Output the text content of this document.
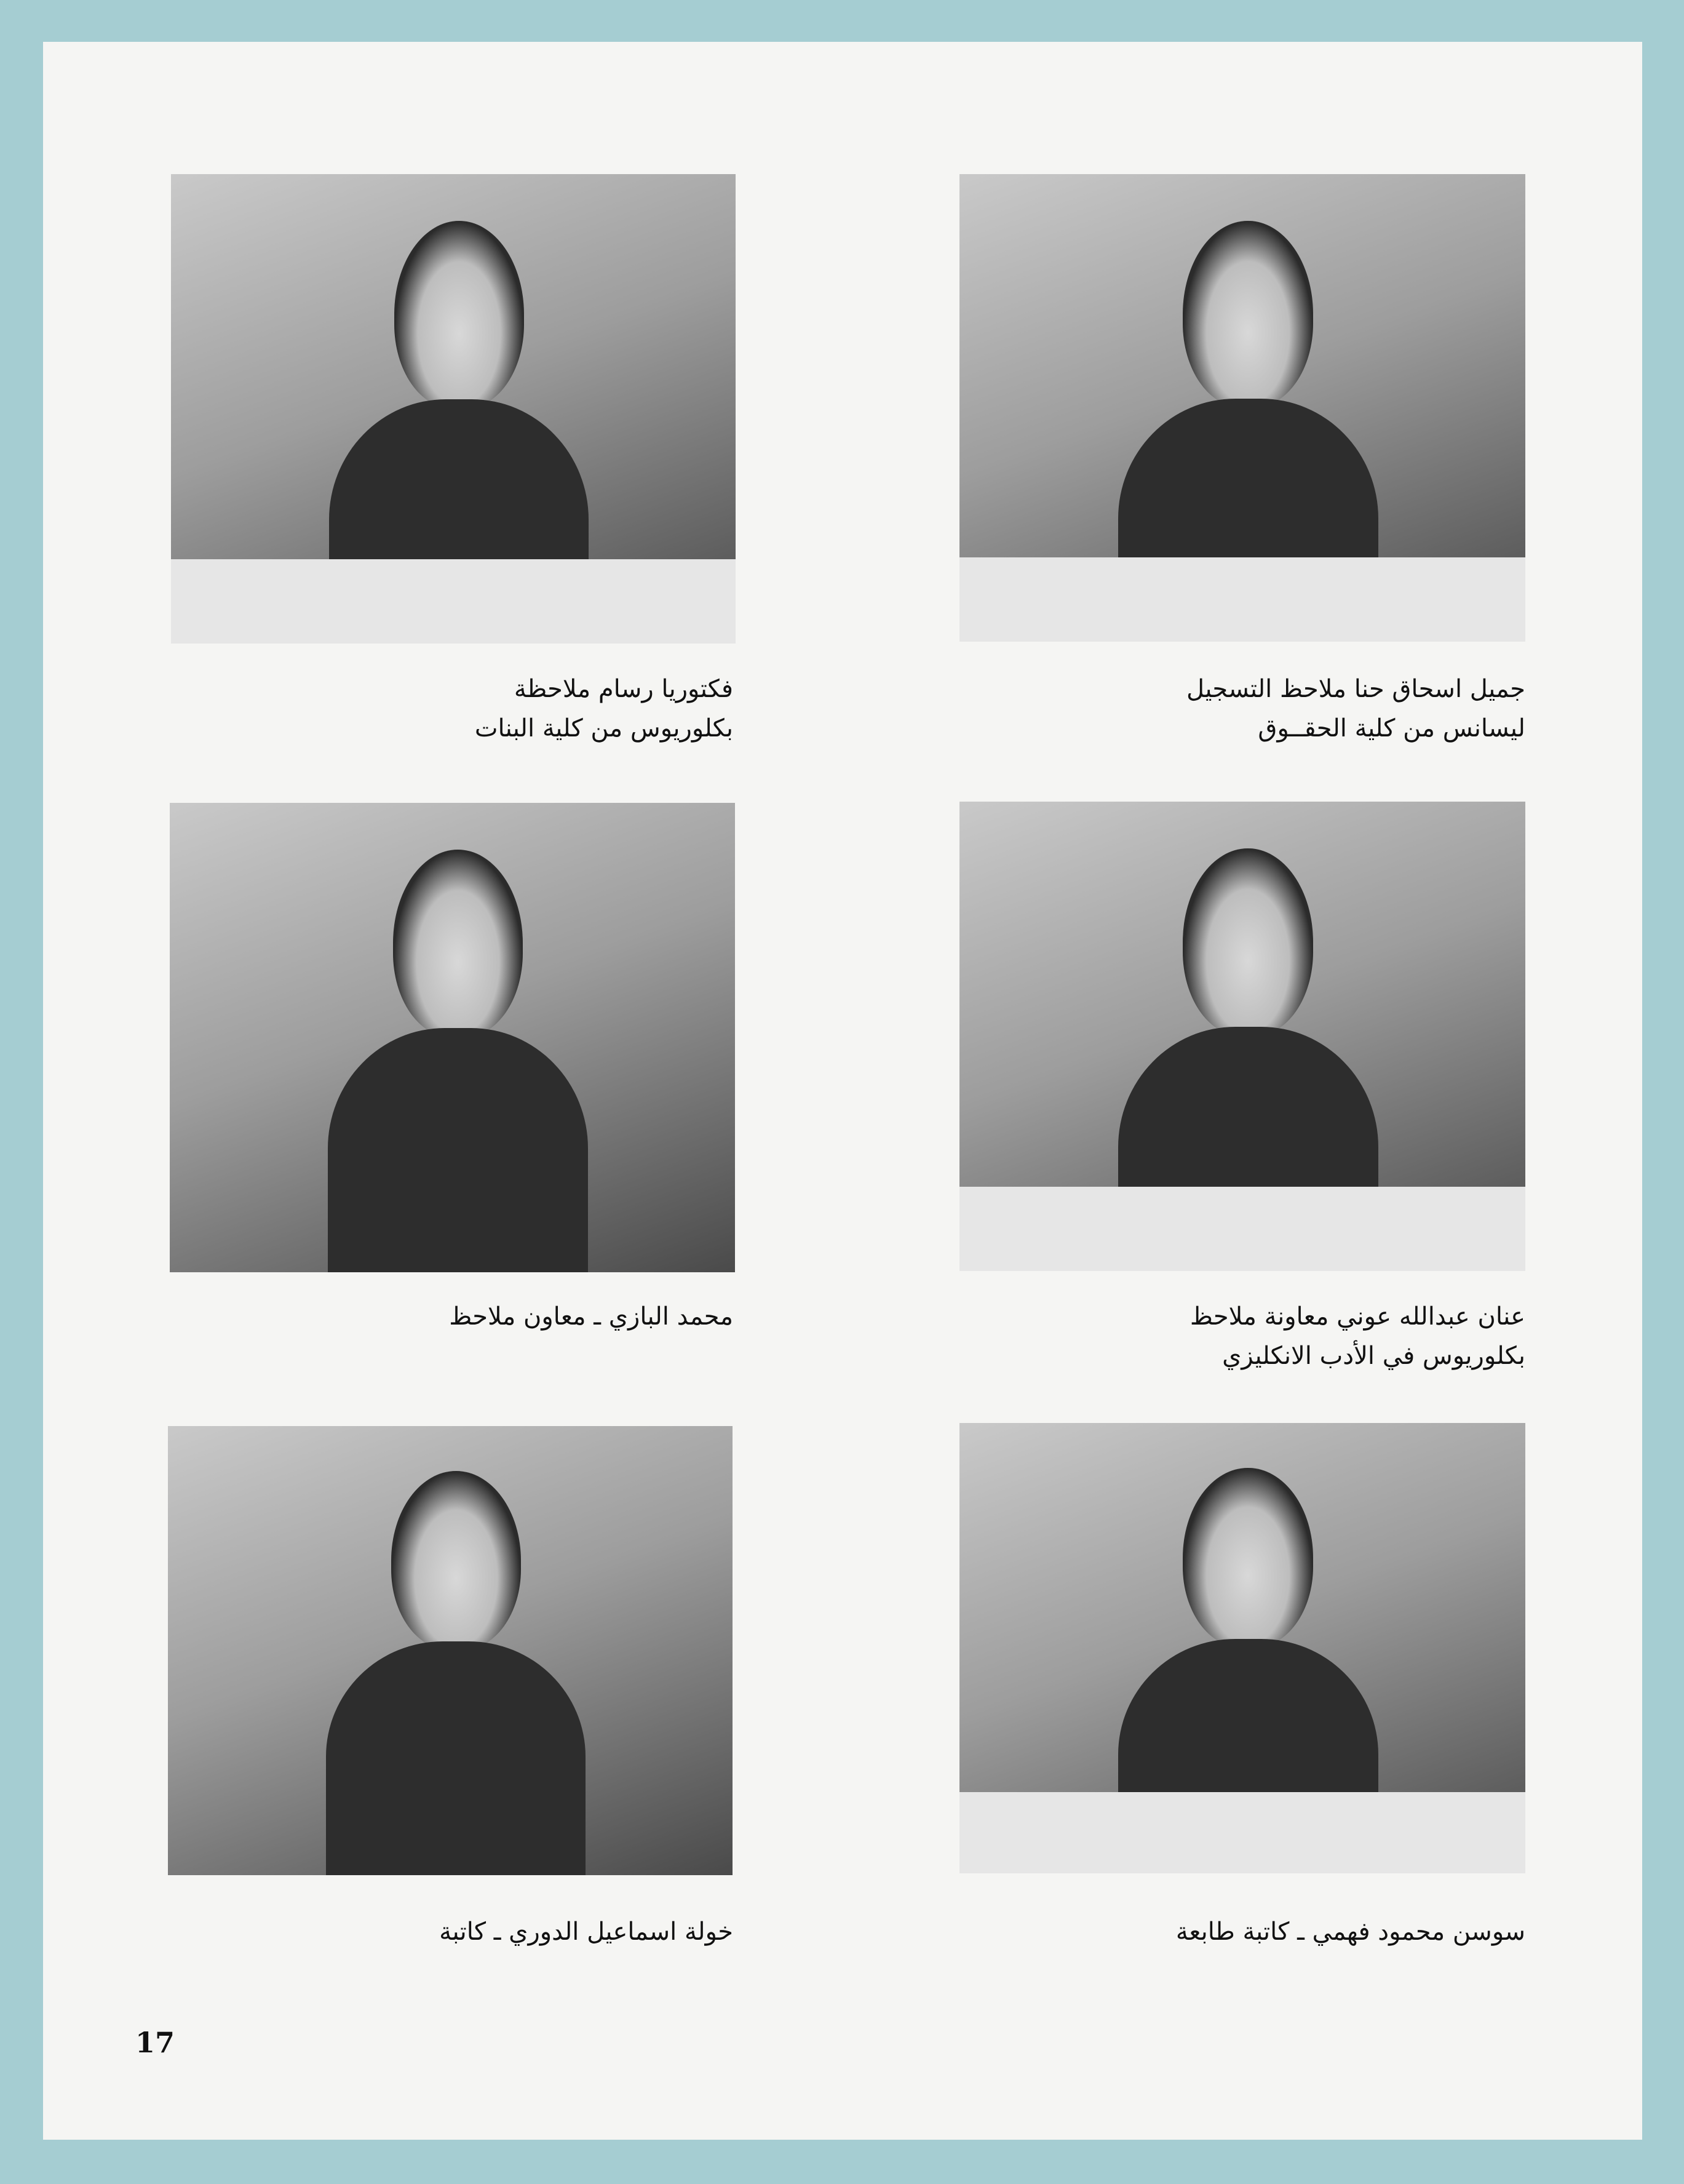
جميل اسحاق حنا ملاحظ التسجيل
ليسانس من كلية الحقــوق
فكتوريا رسام ملاحظة
بكلوريوس من كلية البنات
عنان عبدالله عوني معاونة ملاحظ
بكلوريوس في الأدب الانكليزي
محمد البازي ـ معاون ملاحظ
سوسن محمود فهمي ـ كاتبة طابعة
خولة اسماعيل الدوري ـ كاتبة
17
